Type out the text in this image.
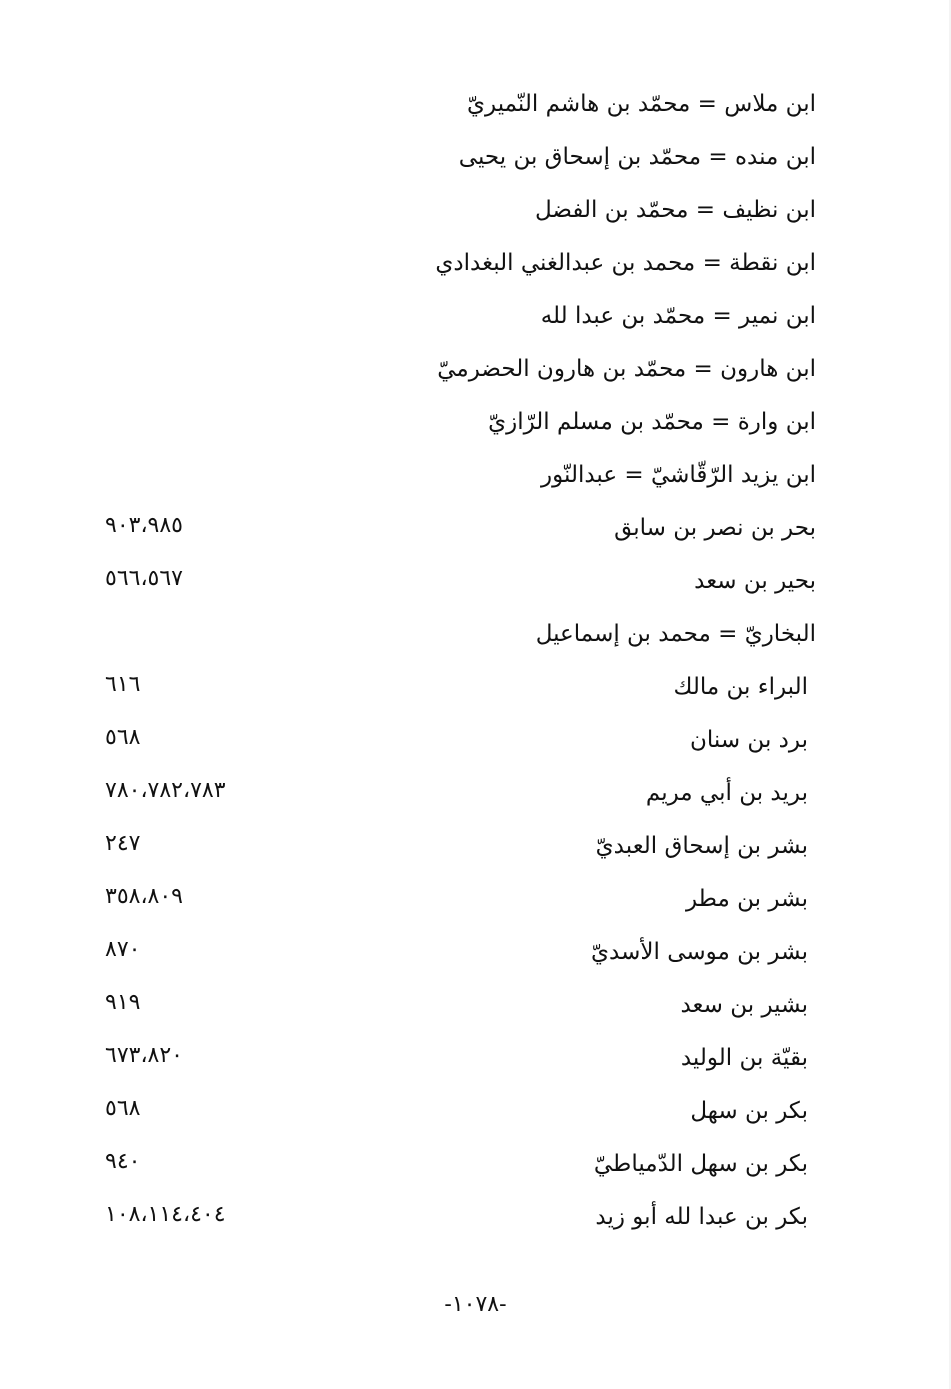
ابن ملاس = محمّد بن هاشم النّميريّ
ابن منده = محمّد بن إسحاق بن يحيى
ابن نظيف = محمّد بن الفضل
ابن نقطة = محمد بن عبدالغني البغدادي
ابن نمير = محمّد بن عبدا لله
ابن هارون = محمّد بن هارون الحضرميّ
ابن وارة = محمّد بن مسلم الرّازيّ
ابن يزيد الرّقّاشيّ = عبدالنّور
بحر بن نصر بن سابق
٩٠٣،٩٨٥
بحير بن سعد
٥٦٦،٥٦٧
البخاريّ = محمد بن إسماعيل
البراء بن مالك
٦١٦
برد بن سنان
٥٦٨
بريد بن أبي مريم
٧٨٠،٧٨٢،٧٨٣
بشر بن إسحاق العبديّ
٢٤٧
بشر بن مطر
٣٥٨،٨٠٩
بشر بن موسى الأسديّ
٨٧٠
بشير بن سعد
٩١٩
بقيّة بن الوليد
٦٧٣،٨٢٠
بكر بن سهل
٥٦٨
بكر بن سهل الدّمياطيّ
٩٤٠
بكر بن عبدا لله أبو زيد
١٠٨،١١٤،٤٠٤
-١٠٧٨-
